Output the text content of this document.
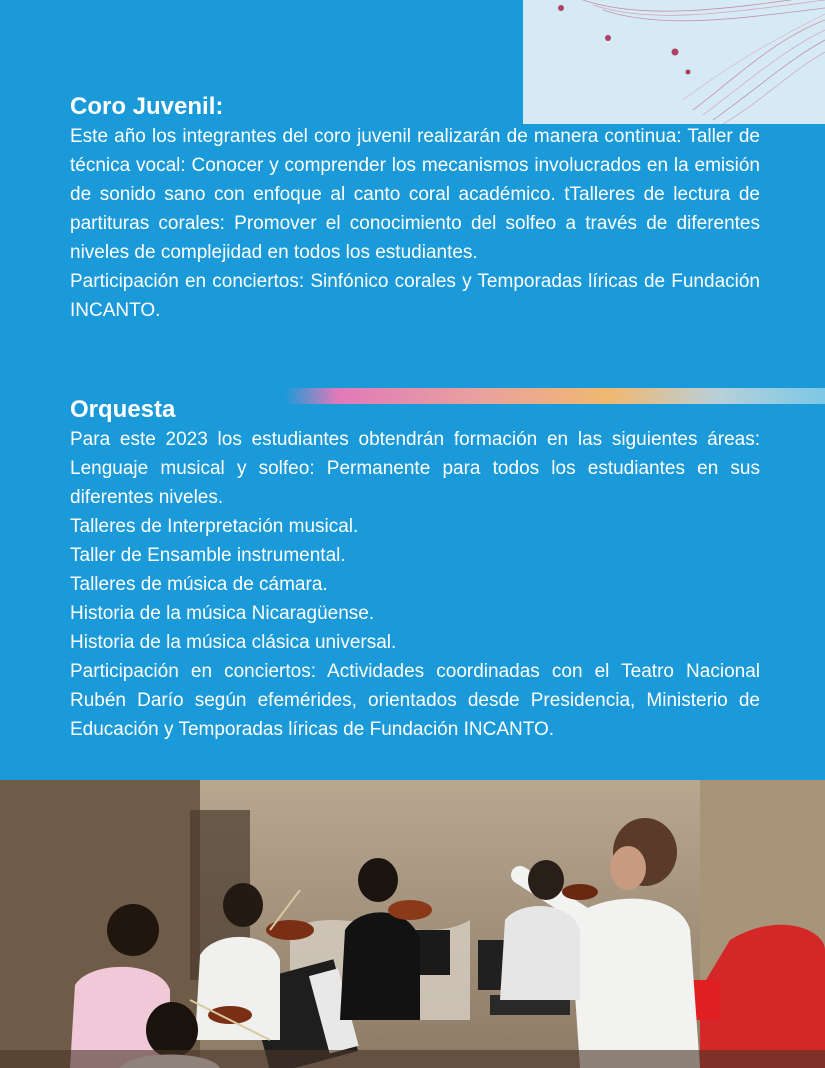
Coro Juvenil:

Este año los integrantes del coro juvenil realizarán de manera continua: Taller de técnica vocal: Conocer y comprender los mecanismos involucrados en la emisión de sonido sano con enfoque al canto coral académico. tTalleres de lectura de partituras corales: Promover el conocimiento del solfeo a través de diferentes niveles de complejidad en todos los estudiantes.

Participación en conciertos: Sinfónico corales y Temporadas líricas de Fundación INCANTO.

Orquesta

Para este 2023 los estudiantes obtendrán formación en las siguientes áreas: Lenguaje musical y solfeo: Permanente para todos los estudiantes en sus diferentes niveles.

Talleres de Interpretación musical.

Taller de Ensamble instrumental.

Talleres de música de cámara.

Historia de la música Nicaragüense.

Historia de la música clásica universal.

Participación en conciertos: Actividades coordinadas con el Teatro Nacional Rubén Darío según efemérides, orientados desde Presidencia, Ministerio de Educación y Temporadas líricas de Fundación INCANTO.
